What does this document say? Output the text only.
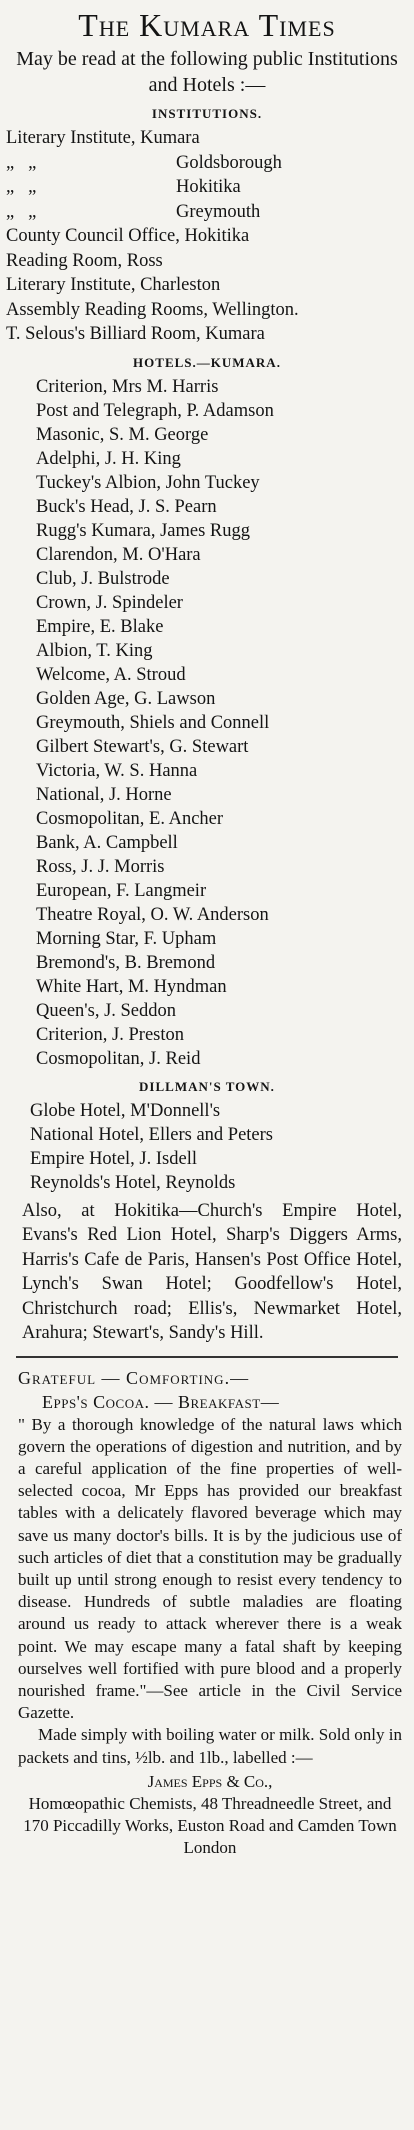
The Kumara Times
May be read at the following public Institutions and Hotels :—
INSTITUTIONS.
Literary Institute, Kumara
„ „	Goldsborough
„ „	Hokitika
„ „	Greymouth
County Council Office, Hokitika
Reading Room, Ross
Literary Institute, Charleston
Assembly Reading Rooms, Wellington.
T. Selous's Billiard Room, Kumara
HOTELS.—KUMARA.
Criterion, Mrs M. Harris
Post and Telegraph, P. Adamson
Masonic, S. M. George
Adelphi, J. H. King
Tuckey's Albion, John Tuckey
Buck's Head, J. S. Pearn
Rugg's Kumara, James Rugg
Clarendon, M. O'Hara
Club, J. Bulstrode
Crown, J. Spindeler
Empire, E. Blake
Albion, T. King
Welcome, A. Stroud
Golden Age, G. Lawson
Greymouth, Shiels and Connell
Gilbert Stewart's, G. Stewart
Victoria, W. S. Hanna
National, J. Horne
Cosmopolitan, E. Ancher
Bank, A. Campbell
Ross, J. J. Morris
European, F. Langmeir
Theatre Royal, O. W. Anderson
Morning Star, F. Upham
Bremond's, B. Bremond
White Hart, M. Hyndman
Queen's, J. Seddon
Criterion, J. Preston
Cosmopolitan, J. Reid
DILLMAN'S TOWN.
Globe Hotel, M'Donnell's
National Hotel, Ellers and Peters
Empire Hotel, J. Isdell
Reynolds's Hotel, Reynolds
Also, at Hokitika—Church's Empire Hotel, Evans's Red Lion Hotel, Sharp's Diggers Arms, Harris's Cafe de Paris, Hansen's Post Office Hotel, Lynch's Swan Hotel; Goodfellow's Hotel, Christchurch road; Ellis's, Newmarket Hotel, Arahura; Stewart's, Sandy's Hill.
Grateful — Comforting.—
Epps's Cocoa. — Breakfast—
" By a thorough knowledge of the natural laws which govern the operations of digestion and nutrition, and by a careful application of the fine properties of well-selected cocoa, Mr Epps has provided our breakfast tables with a delicately flavored beverage which may save us many doctor's bills. It is by the judicious use of such articles of diet that a constitution may be gradually built up until strong enough to resist every tendency to disease. Hundreds of subtle maladies are floating around us ready to attack wherever there is a weak point. We may escape many a fatal shaft by keeping ourselves well fortified with pure blood and a properly nourished frame."—See article in the Civil Service Gazette.
Made simply with boiling water or milk. Sold only in packets and tins, ½lb. and 1lb., labelled :—
James Epps & Co.,
Homœopathic Chemists, 48 Threadneedle Street, and 170 Piccadilly Works, Euston Road and Camden Town
London
